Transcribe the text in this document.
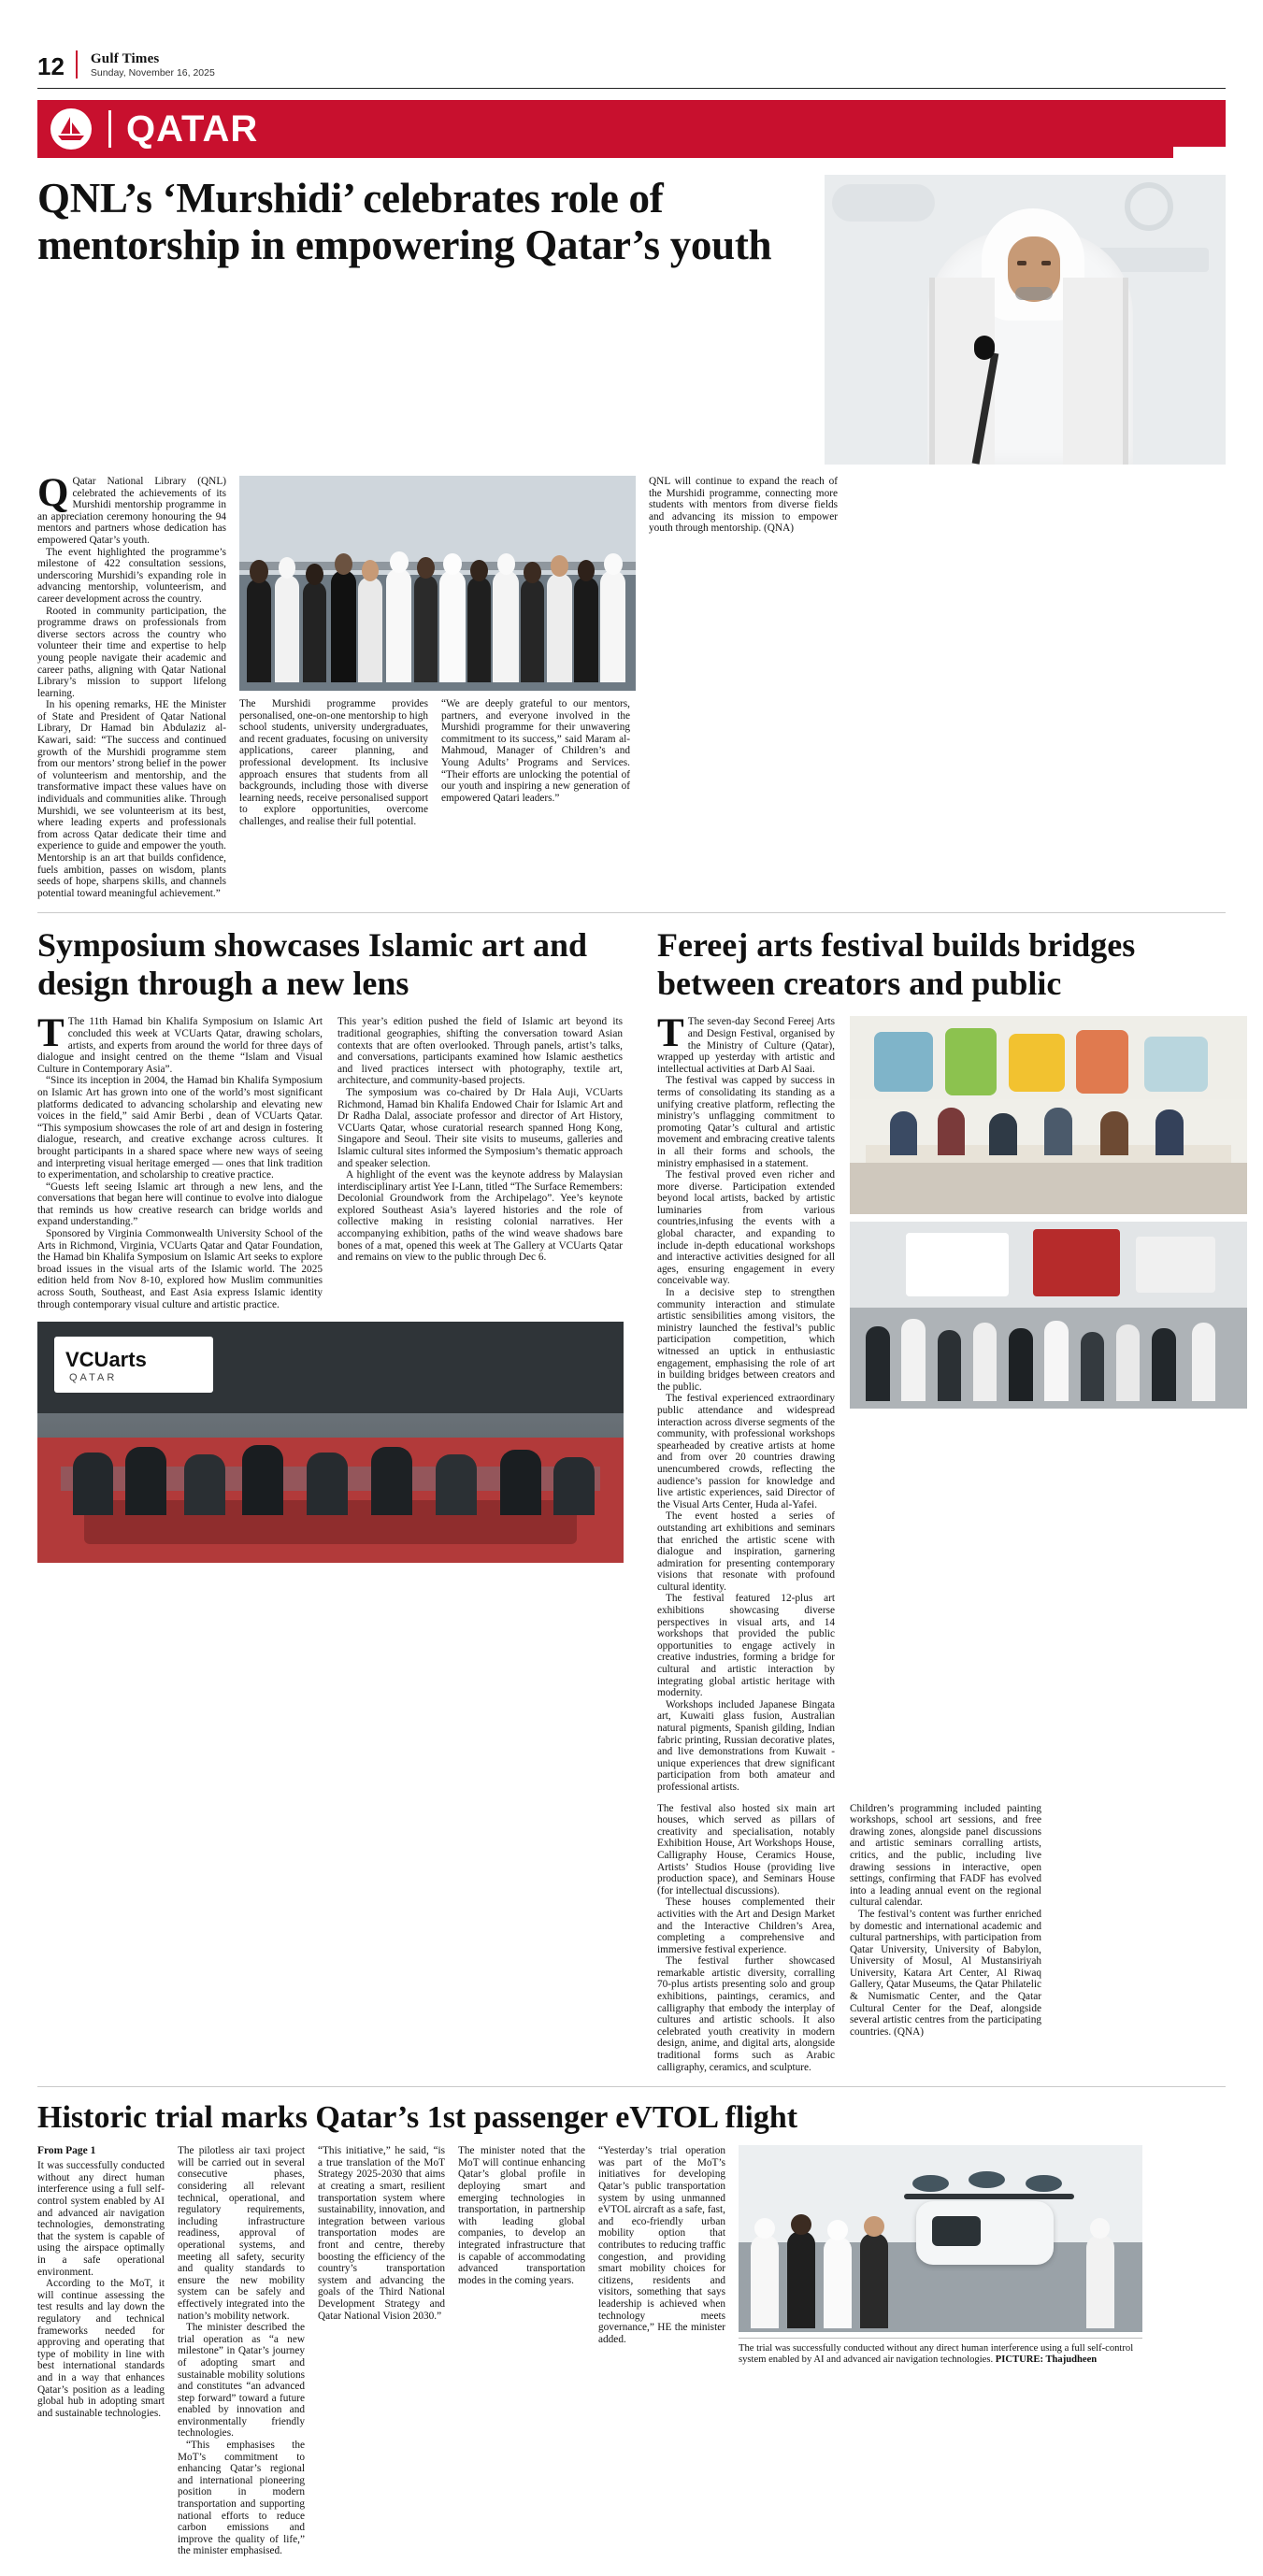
12 Gulf Times
Sunday, November 16, 2025
QATAR
QNL’s ‘Murshidi’ celebrates role of mentorship in empowering Qatar’s youth

Q Qatar National Library (QNL) celebrated the achievements of its Murshidi mentorship programme in an appreciation ceremony honouring the 94 mentors and partners whose dedication has empowered Qatar’s youth.

The event highlighted the programme’s milestone of 422 consultation sessions, underscoring Murshidi’s expanding role in advancing mentorship, volunteerism, and career development across the country.

Rooted in community participation, the programme draws on professionals from diverse sectors across the country who volunteer their time and expertise to help young people navigate their academic and career paths, aligning with Qatar National Library’s mission to support lifelong learning.

In his opening remarks, HE the Minister of State and President of Qatar National Library, Dr Hamad bin Abdulaziz al-Kawari, said: “The success and continued growth of the Murshidi programme stem from our mentors’ strong belief in the power of volunteerism and mentorship, and the transformative impact these values have on individuals and communities alike. Through Murshidi, we see volunteerism at its best, where leading experts and professionals from across Qatar dedicate their time and experience to guide and empower the youth. Mentorship is an art that builds confidence, fuels ambition, passes on wisdom, plants seeds of hope, sharpens skills, and channels potential toward meaningful achievement.”

The Murshidi programme provides personalised, one-on-one mentorship to high school students, university undergraduates, and recent graduates, focusing on university applications, career planning, and professional development. Its inclusive approach ensures that students from all backgrounds, including those with diverse learning needs, receive personalised support to explore opportunities, overcome challenges, and realise their full potential.

“We are deeply grateful to our mentors, partners, and everyone involved in the Murshidi programme for their unwavering commitment to its success,” said Maram al-Mahmoud, Manager of Children’s and Young Adults’ Programs and Services. “Their efforts are unlocking the potential of our youth and inspiring a new generation of empowered Qatari leaders.”

QNL will continue to expand the reach of the Murshidi programme, connecting more students with mentors from diverse fields and advancing its mission to empower youth through mentorship. (QNA)

Symposium showcases Islamic art and design through a new lens

T The 11th Hamad bin Khalifa Symposium on Islamic Art concluded this week at VCUarts Qatar, drawing scholars, artists, and experts from around the world for three days of dialogue and insight centred on the theme “Islam and Visual Culture in Contemporary Asia”.

“Since its inception in 2004, the Hamad bin Khalifa Symposium on Islamic Art has grown into one of the world’s most significant platforms dedicated to advancing scholarship and elevating new voices in the field,” said Amir Berbi , dean of VCUarts Qatar. “This symposium showcases the role of art and design in fostering dialogue, research, and creative exchange across cultures. It brought participants in a shared space where new ways of seeing and interpreting visual heritage emerged — ones that link tradition to experimentation, and scholarship to creative practice.

“Guests left seeing Islamic art through a new lens, and the conversations that began here will continue to evolve into dialogue that reminds us how creative research can bridge worlds and expand understanding.”

Sponsored by Virginia Commonwealth University School of the Arts in Richmond, Virginia, VCUarts Qatar and Qatar Foundation, the Hamad bin Khalifa Symposium on Islamic Art seeks to explore broad issues in the visual arts of the Islamic world. The 2025 edition held from Nov 8-10, explored how Muslim communities across South, Southeast, and East Asia express Islamic identity through contemporary visual culture and artistic practice.

This year’s edition pushed the field of Islamic art beyond its traditional geographies, shifting the conversation toward Asian contexts that are often overlooked. Through panels, artist’s talks, and conversations, participants examined how Islamic aesthetics and lived practices intersect with photography, textile art, architecture, and community-based projects.

The symposium was co-chaired by Dr Hala Auji, VCUarts Richmond, Hamad bin Khalifa Endowed Chair for Islamic Art and Dr Radha Dalal, associate professor and director of Art History, VCUarts Qatar, whose curatorial research spanned Hong Kong, Singapore and Seoul. Their site visits to museums, galleries and Islamic cultural sites informed the Symposium’s thematic approach and speaker selection.

A highlight of the event was the keynote address by Malaysian interdisciplinary artist Yee I-Lann, titled “The Surface Remembers: Decolonial Groundwork from the Archipelago”. Yee’s keynote explored Southeast Asia’s layered histories and the role of collective making in resisting colonial narratives. Her accompanying exhibition, paths of the wind weave shadows bare bones of a mat, opened this week at The Gallery at VCUarts Qatar and remains on view to the public through Dec 6.

VCUarts
QATAR
Fereej arts festival builds bridges between creators and public

T The seven-day Second Fereej Arts and Design Festival, organised by the Ministry of Culture (Qatar), wrapped up yesterday with artistic and intellectual activities at Darb Al Saai.

The festival was capped by success in terms of consolidating its standing as a unifying creative platform, reflecting the ministry’s unflagging commitment to promoting Qatar’s cultural and artistic movement and embracing creative talents in all their forms and schools, the ministry emphasised in a statement.

The festival proved even richer and more diverse. Participation extended beyond local artists, backed by artistic luminaries from various countries,infusing the events with a global character, and expanding to include in-depth educational workshops and interactive activities designed for all ages, ensuring engagement in every conceivable way.

In a decisive step to strengthen community interaction and stimulate artistic sensibilities among visitors, the ministry launched the festival’s public participation competition, which witnessed an uptick in enthusiastic engagement, emphasising the role of art in building bridges between creators and the public.

The festival experienced extraordinary public attendance and widespread interaction across diverse segments of the community, with professional workshops spearheaded by creative artists at home and from over 20 countries drawing unencumbered crowds, reflecting the audience’s passion for knowledge and live artistic experiences, said Director of the Visual Arts Center, Huda al-Yafei.

The event hosted a series of outstanding art exhibitions and seminars that enriched the artistic scene with dialogue and inspiration, garnering admiration for presenting contemporary visions that resonate with profound cultural identity.

The festival featured 12-plus art exhibitions showcasing diverse perspectives in visual arts, and 14 workshops that provided the public opportunities to engage actively in creative industries, forming a bridge for cultural and artistic interaction by integrating global artistic heritage with modernity.

Workshops included Japanese Bingata art, Kuwaiti glass fusion, Australian natural pigments, Spanish gilding, Indian fabric printing, Russian decorative plates, and live demonstrations from Kuwait - unique experiences that drew significant participation from both amateur and professional artists.

The festival also hosted six main art houses, which served as pillars of creativity and specialisation, notably Exhibition House, Art Workshops House, Calligraphy House, Ceramics House, Artists’ Studios House (providing live production space), and Seminars House (for intellectual discussions).

These houses complemented their activities with the Art and Design Market and the Interactive Children’s Area, completing a comprehensive and immersive festival experience.

The festival further showcased remarkable artistic diversity, corralling 70-plus artists presenting solo and group exhibitions, paintings, ceramics, and calligraphy that embody the interplay of cultures and artistic schools. It also celebrated youth creativity in modern design, anime, and digital arts, alongside traditional forms such as Arabic calligraphy, ceramics, and sculpture.

Children’s programming included painting workshops, school art sessions, and free drawing zones, alongside panel discussions and artistic seminars corralling artists, critics, and the public, including live drawing sessions in interactive, open settings, confirming that FADF has evolved into a leading annual event on the regional cultural calendar.

The festival’s content was further enriched by domestic and international academic and cultural partnerships, with participation from Qatar University, University of Babylon, University of Mosul, Al Mustansiriyah University, Katara Art Center, Al Riwaq Gallery, Qatar Museums, the Qatar Philatelic & Numismatic Center, and the Qatar Cultural Center for the Deaf, alongside several artistic centres from the participating countries. (QNA)

Historic trial marks Qatar’s 1st passenger eVTOL flight
From Page 1

It was successfully conducted without any direct human interference using a full self-control system enabled by AI and advanced air navigation technologies, demonstrating that the system is capable of using the airspace optimally in a safe operational environment.

According to the MoT, it will continue assessing the test results and lay down the regulatory and technical frameworks needed for approving and operating that type of mobility in line with best international standards and in a way that enhances Qatar’s position as a leading global hub in adopting smart and sustainable technologies.

The pilotless air taxi project will be carried out in several consecutive phases, considering all relevant technical, operational, and regulatory requirements, including infrastructure readiness, approval of operational systems, and meeting all safety, security and quality standards to ensure the new mobility system can be safely and effectively integrated into the nation’s mobility network.

The minister described the trial operation as “a new milestone” in Qatar’s journey of adopting smart and sustainable mobility solutions and constitutes “an advanced step forward” toward a future enabled by innovation and environmentally friendly technologies.

“This emphasises the MoT’s commitment to enhancing Qatar’s regional and international pioneering position in modern transportation and supporting national efforts to reduce carbon emissions and improve the quality of life,” the minister emphasised.

“This initiative,” he said, “is a true translation of the MoT Strategy 2025-2030 that aims at creating a smart, resilient transportation system where sustainability, innovation, and integration between various transportation modes are front and centre, thereby boosting the efficiency of the country’s transportation system and advancing the goals of the Third National Development Strategy and Qatar National Vision 2030.”

The minister noted that the MoT will continue enhancing Qatar’s global profile in deploying smart and emerging technologies in transportation, in partnership with leading global companies, to develop an integrated infrastructure that is capable of accommodating advanced transportation modes in the coming years.

“Yesterday’s trial operation was part of the MoT’s initiatives for developing Qatar’s public transportation system by using unmanned eVTOL aircraft as a safe, fast, and eco-friendly urban mobility option that contributes to reducing traffic congestion, and providing smart mobility choices for citizens, residents and visitors, something that says leadership is achieved when technology meets governance,” HE the minister added.

The trial was successfully conducted without any direct human interference using a full self-control system enabled by AI and advanced air navigation technologies. PICTURE: Thajudheen
